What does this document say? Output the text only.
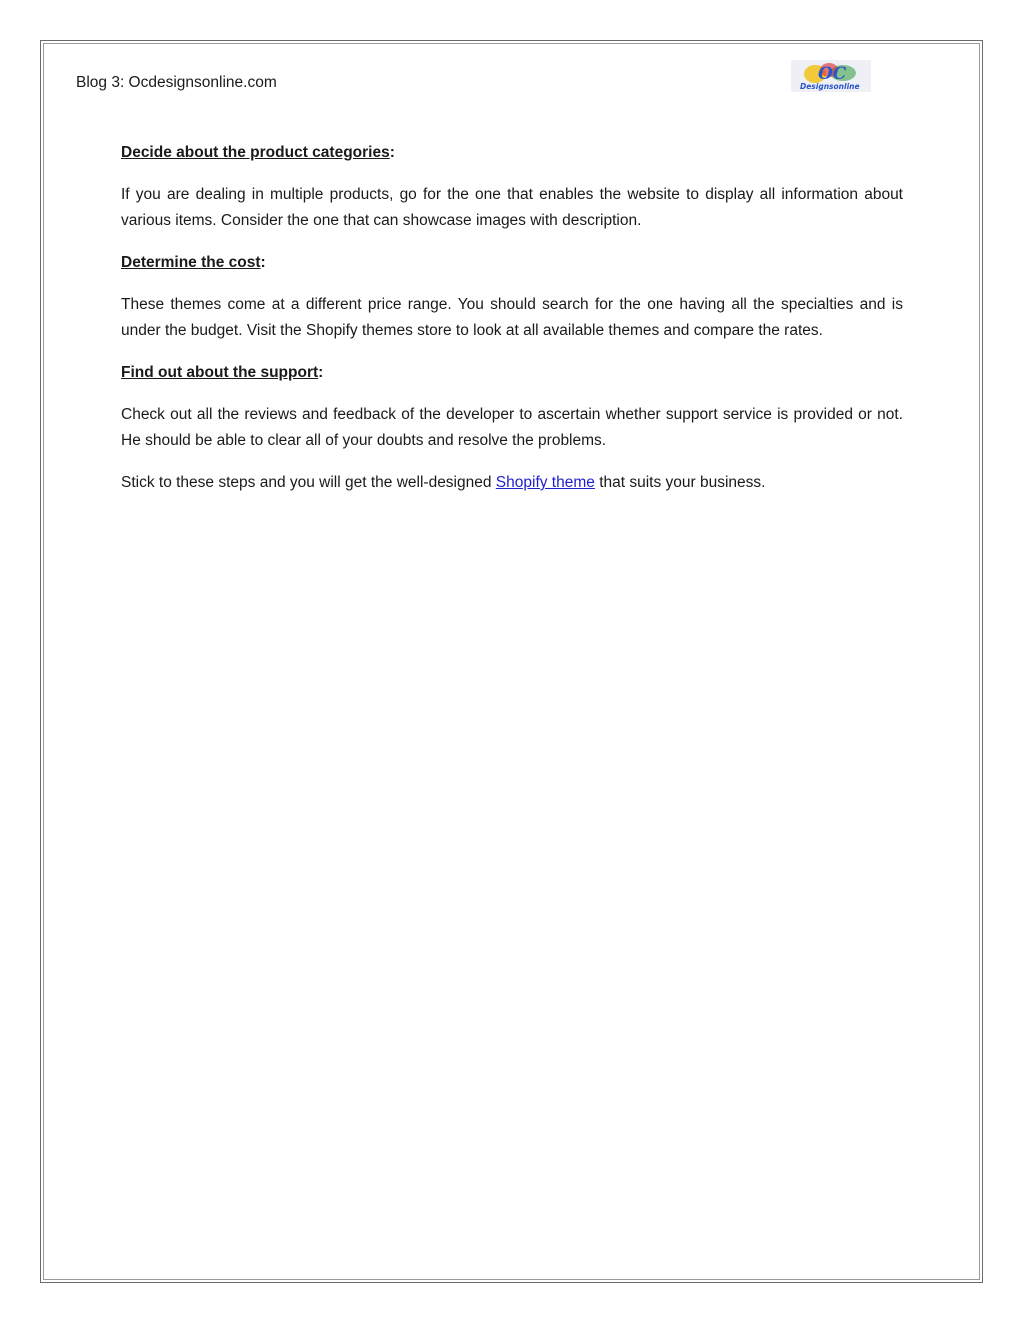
Blog 3: Ocdesignsonline.com	OC
Designsonline

Decide about the product categories:

If you are dealing in multiple products, go for the one that enables the website to display all information about various items. Consider the one that can showcase images with description.

Determine the cost:

These themes come at a different price range. You should search for the one having all the specialties and is under the budget. Visit the Shopify themes store to look at all available themes and compare the rates.

Find out about the support:

Check out all the reviews and feedback of the developer to ascertain whether support service is provided or not. He should be able to clear all of your doubts and resolve the problems.

Stick to these steps and you will get the well-designed Shopify theme that suits your business.
